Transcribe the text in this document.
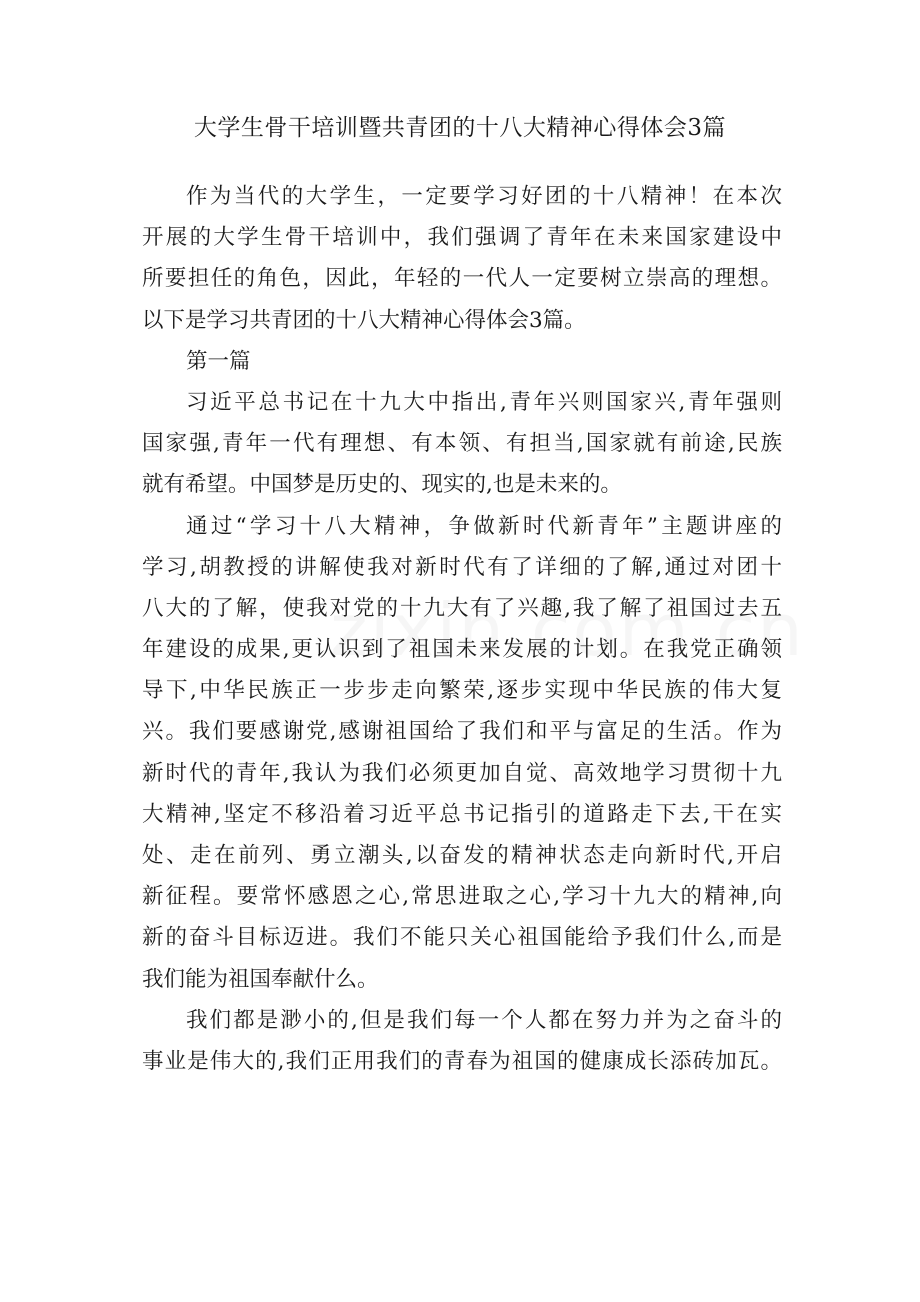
大学生骨干培训暨共青团的十八大精神心得体会3篇
作为当代的大学生，一定要学习好团的十八精神！在本次
开展的大学生骨干培训中，我们强调了青年在未来国家建设中
所要担任的角色，因此，年轻的一代人一定要树立崇高的理想。
以下是学习共青团的十八大精神心得体会3篇。
第一篇
习近平总书记在十九大中指出,青年兴则国家兴,青年强则
国家强,青年一代有理想、有本领、有担当,国家就有前途,民族
就有希望。中国梦是历史的、现实的,也是未来的。
通过“学习十八大精神，争做新时代新青年”主题讲座的
学习,胡教授的讲解使我对新时代有了详细的了解,通过对团十
八大的了解，使我对党的十九大有了兴趣,我了解了祖国过去五
年建设的成果,更认识到了祖国未来发展的计划。在我党正确领
导下,中华民族正一步步走向繁荣,逐步实现中华民族的伟大复
兴。我们要感谢党,感谢祖国给了我们和平与富足的生活。作为
新时代的青年,我认为我们必须更加自觉、高效地学习贯彻十九
大精神,坚定不移沿着习近平总书记指引的道路走下去,干在实
处、走在前列、勇立潮头,以奋发的精神状态走向新时代,开启
新征程。要常怀感恩之心,常思进取之心,学习十九大的精神,向
新的奋斗目标迈进。我们不能只关心祖国能给予我们什么,而是
我们能为祖国奉献什么。
我们都是渺小的,但是我们每一个人都在努力并为之奋斗的
事业是伟大的,我们正用我们的青春为祖国的健康成长添砖加瓦。
